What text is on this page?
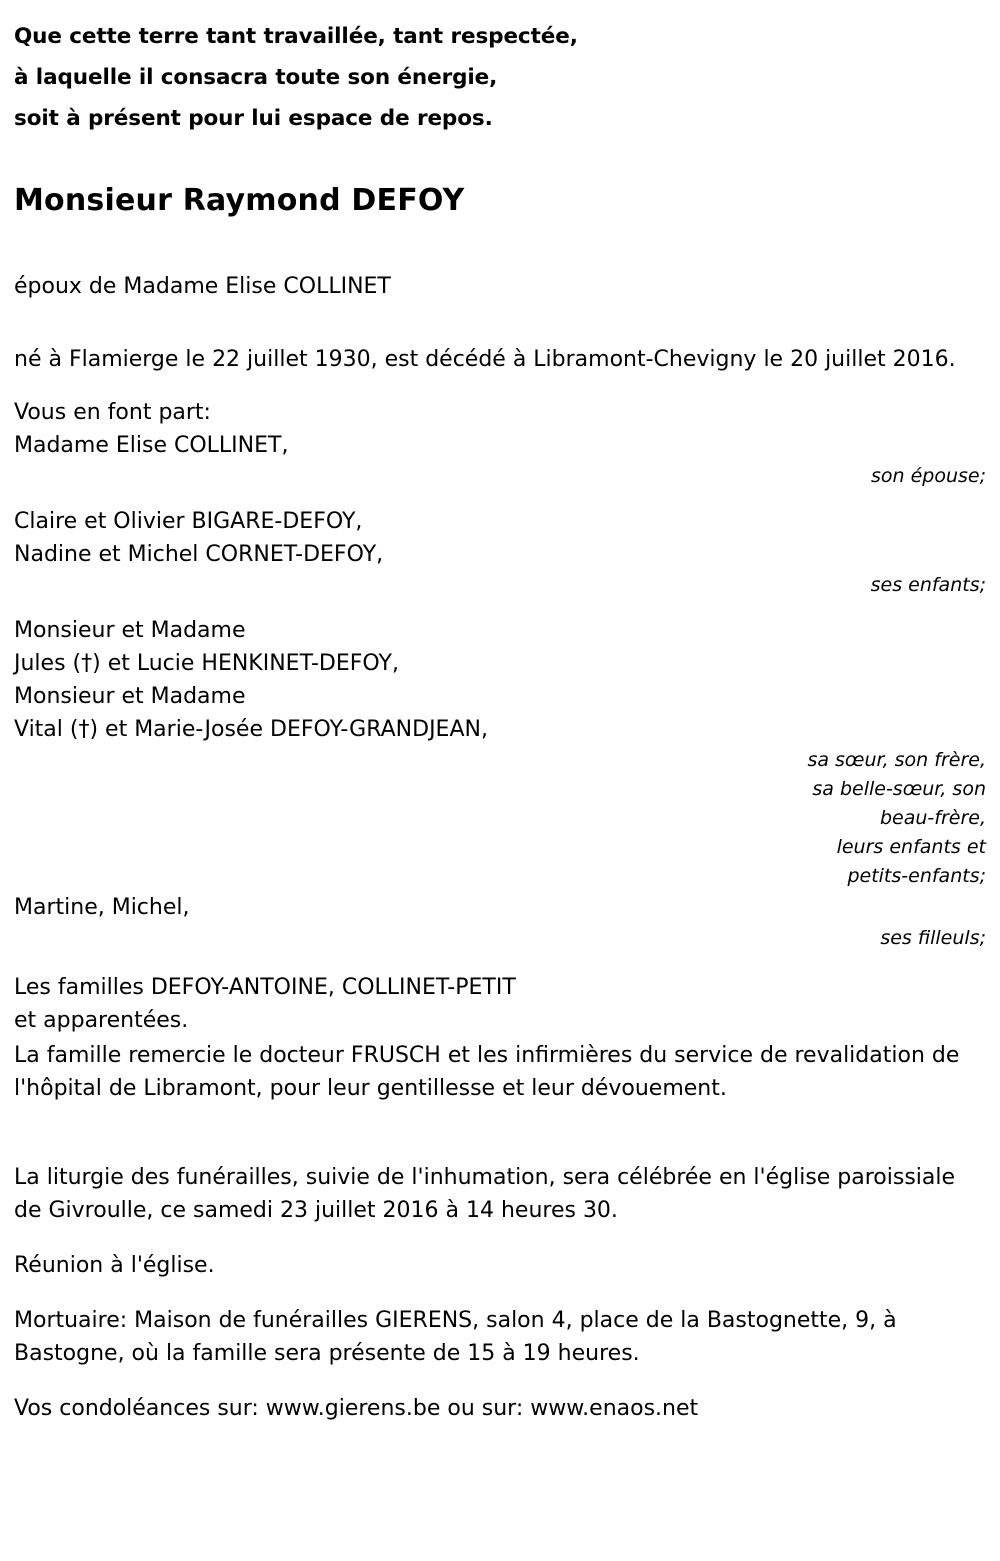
Que cette terre tant travaillée, tant respectée,
à laquelle il consacra toute son énergie,
soit à présent pour lui espace de repos.
Monsieur Raymond DEFOY
époux de Madame Elise COLLINET
né à Flamierge le 22 juillet 1930, est décédé à Libramont-Chevigny le 20 juillet 2016.
Vous en font part:
Madame Elise COLLINET,
son épouse;
Claire et Olivier BIGARE-DEFOY,
Nadine et Michel CORNET-DEFOY,
ses enfants;
Monsieur et Madame
Jules (†) et Lucie HENKINET-DEFOY,
Monsieur et Madame
Vital (†) et Marie-Josée DEFOY-GRANDJEAN,
sa sœur, son frère,
sa belle-sœur, son
beau-frère,
leurs enfants et
petits-enfants;
Martine, Michel,
ses filleuls;
Les familles DEFOY-ANTOINE, COLLINET-PETIT
et apparentées.
La famille remercie le docteur FRUSCH et les infirmières du service de revalidation de l'hôpital de Libramont, pour leur gentillesse et leur dévouement.
La liturgie des funérailles, suivie de l'inhumation, sera célébrée en l'église paroissiale de Givroulle, ce samedi 23 juillet 2016 à 14 heures 30.
Réunion à l'église.
Mortuaire: Maison de funérailles GIERENS, salon 4, place de la Bastognette, 9, à Bastogne, où la famille sera présente de 15 à 19 heures.
Vos condoléances sur: www.gierens.be ou sur: www.enaos.net
